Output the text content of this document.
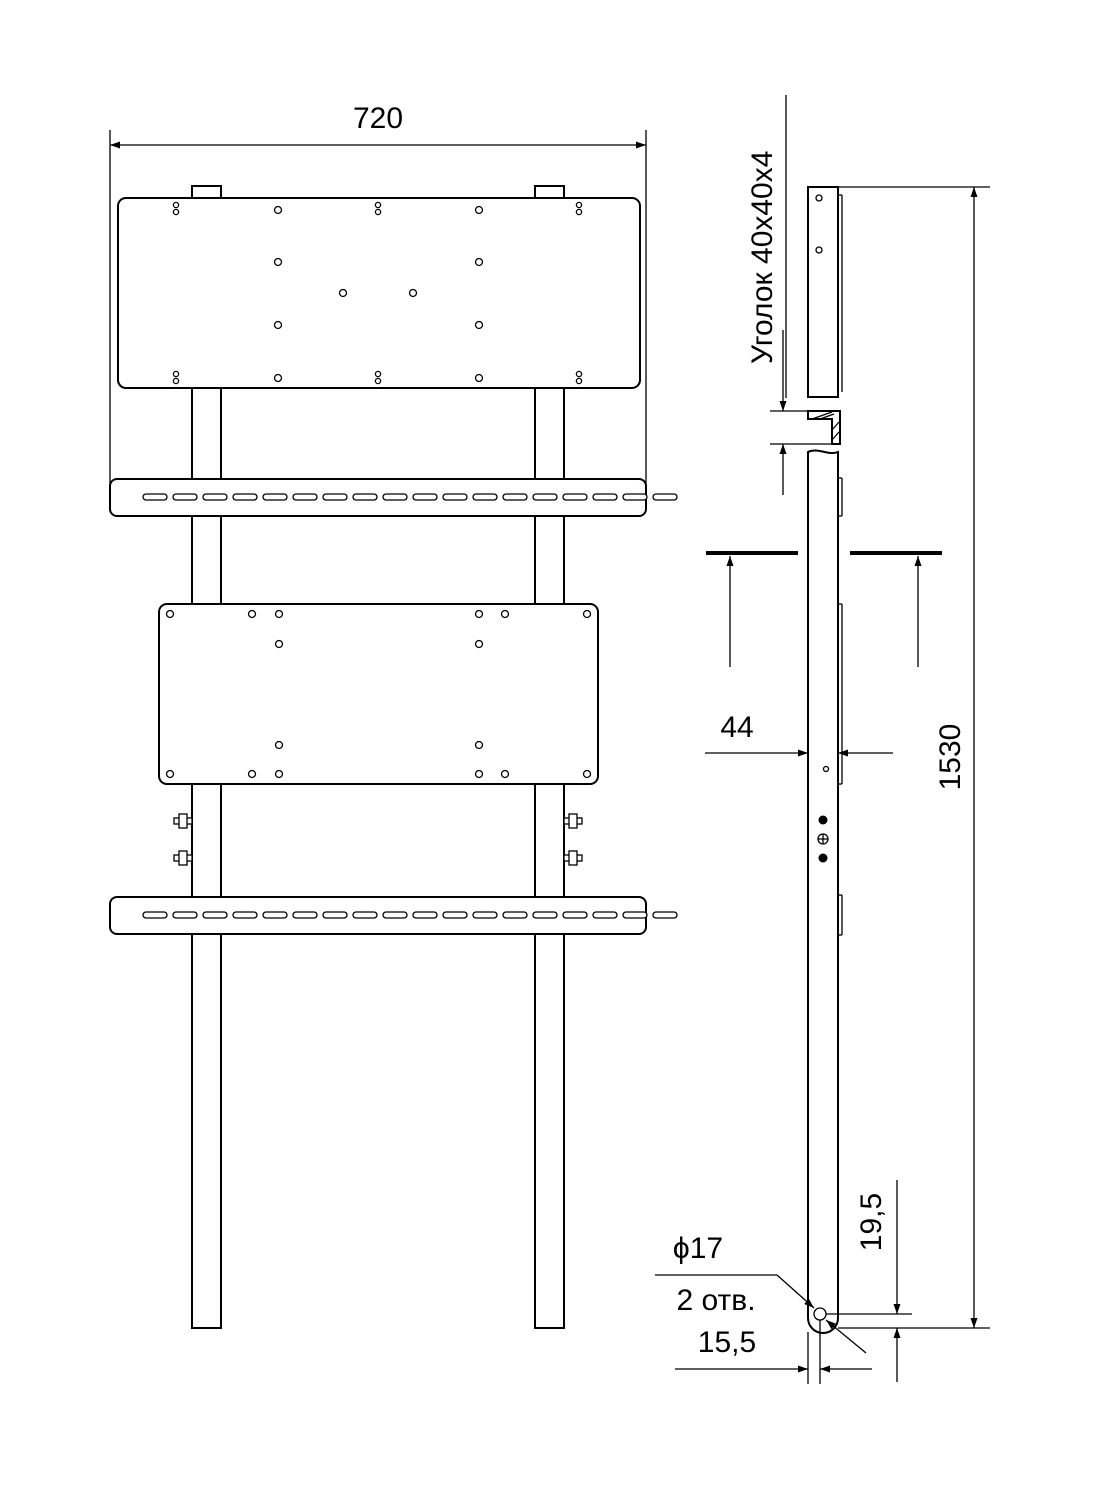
720
Уголок 40х40х4
44	1530
19,5
15,5
ϕ17
2 отв.
